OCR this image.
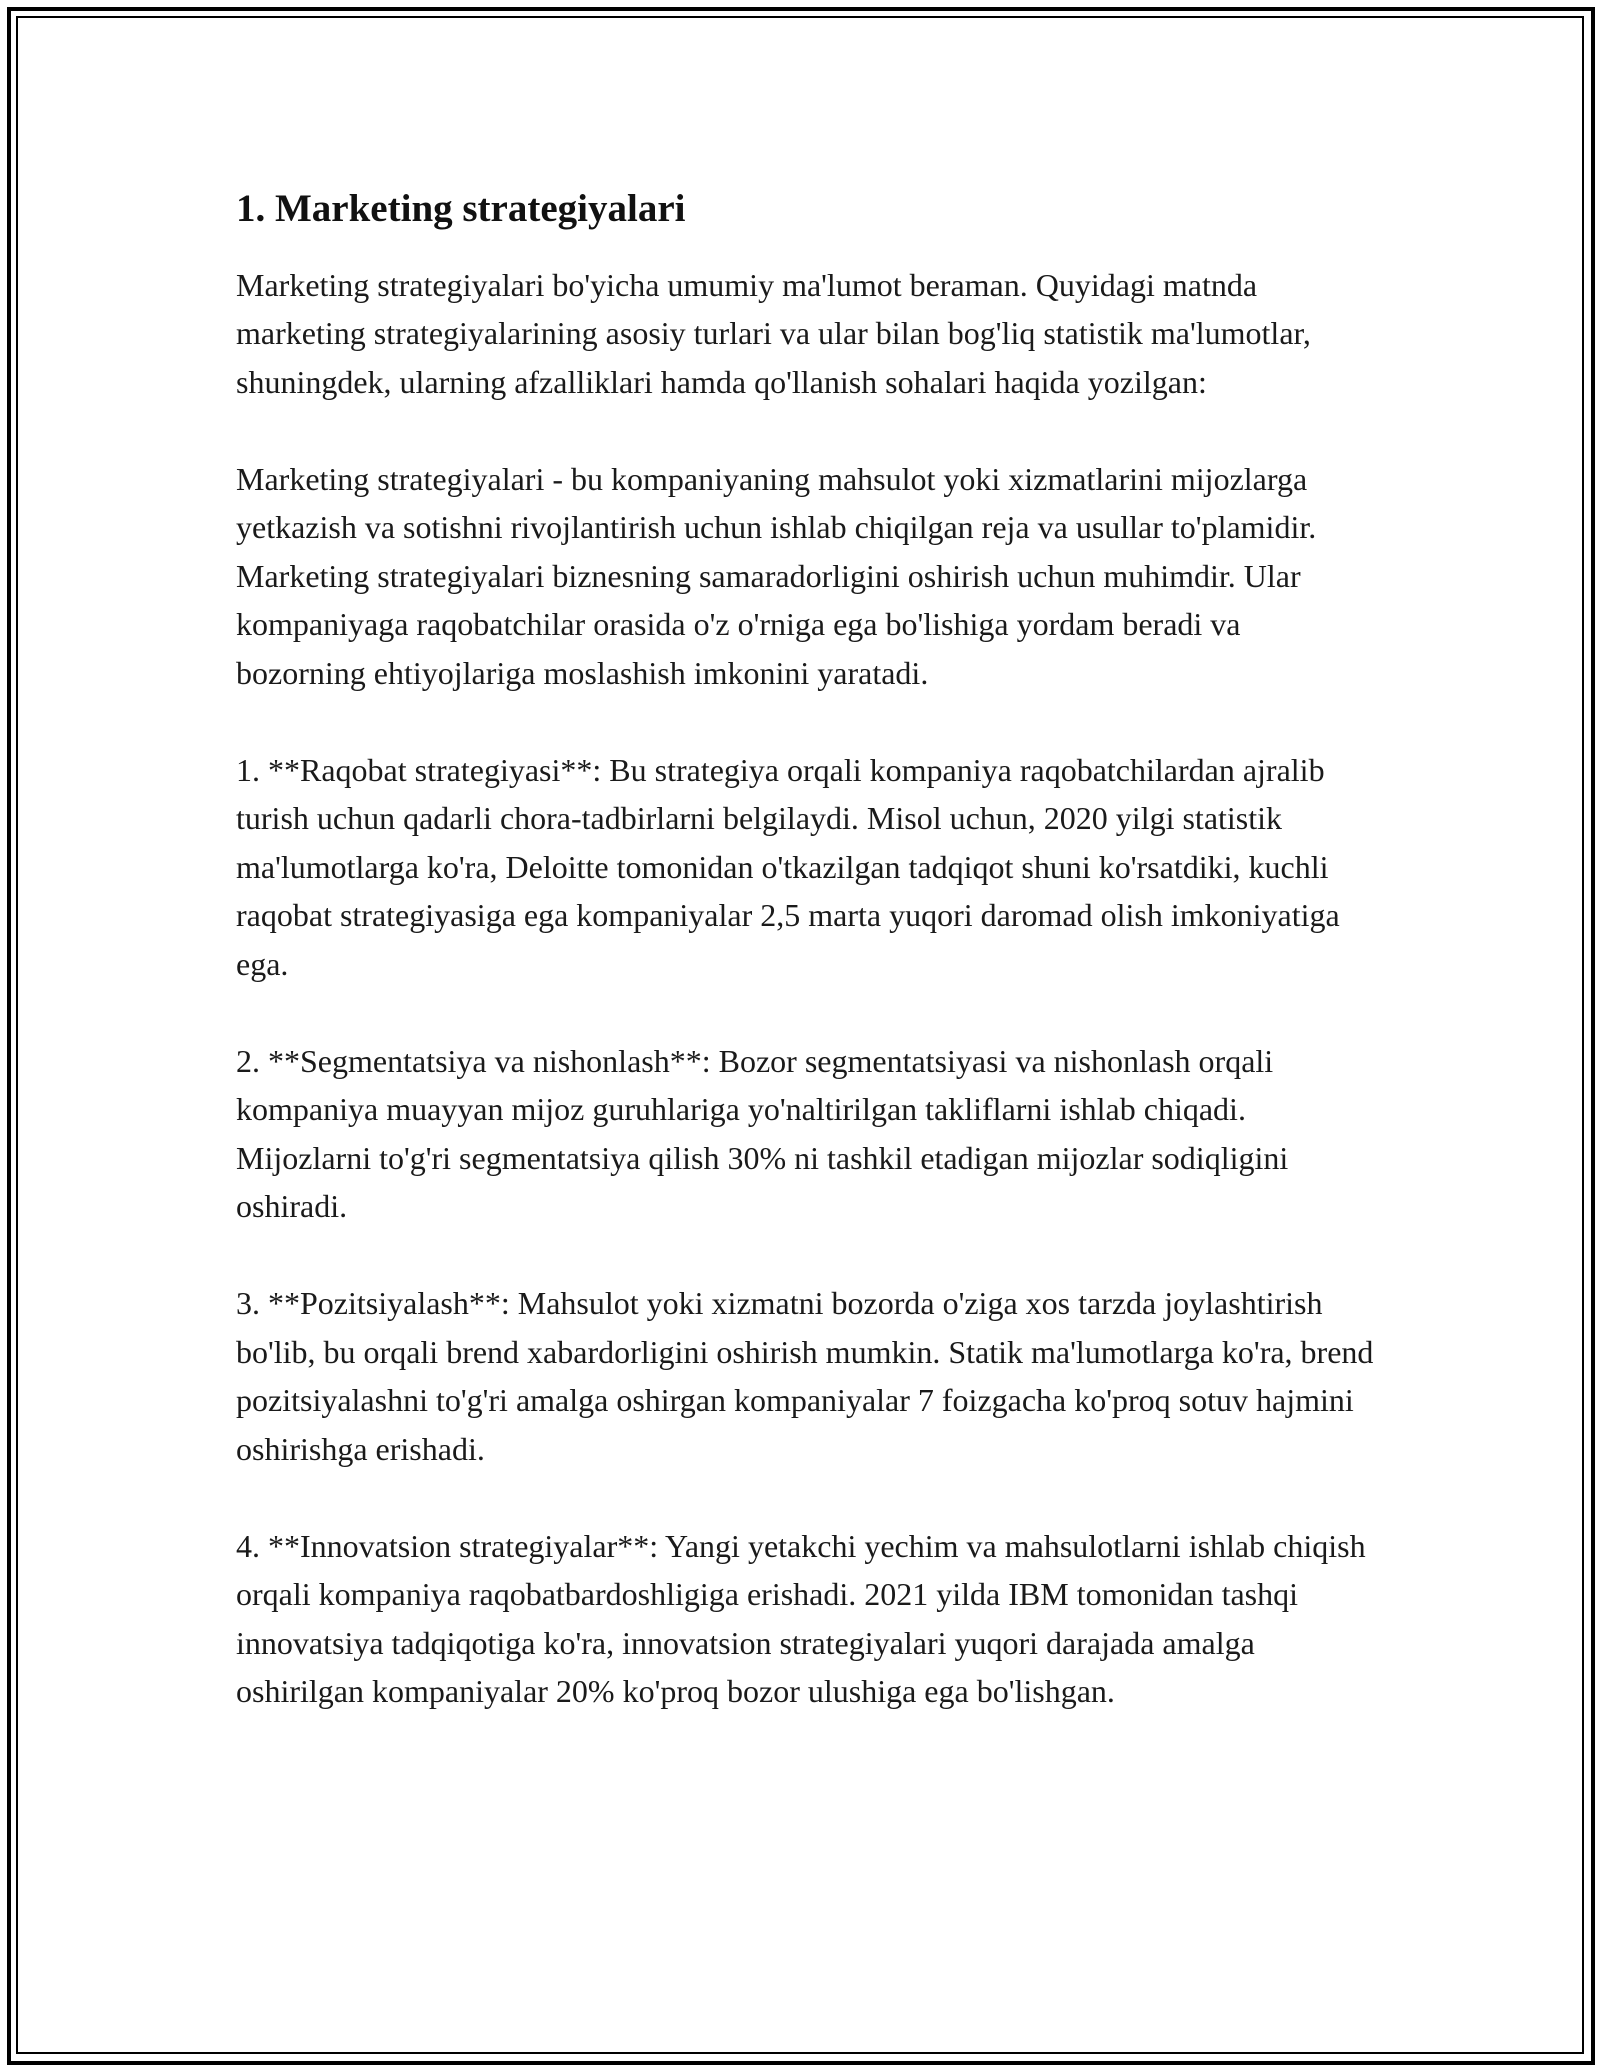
1. Marketing strategiyalari

Marketing strategiyalari bo'yicha umumiy ma'lumot beraman. Quyidagi matnda marketing strategiyalarining asosiy turlari va ular bilan bog'liq statistik ma'lumotlar, shuningdek, ularning afzalliklari hamda qo'llanish sohalari haqida yozilgan:

Marketing strategiyalari - bu kompaniyaning mahsulot yoki xizmatlarini mijozlarga yetkazish va sotishni rivojlantirish uchun ishlab chiqilgan reja va usullar to'plamidir. Marketing strategiyalari biznesning samaradorligini oshirish uchun muhimdir. Ular kompaniyaga raqobatchilar orasida o'z o'rniga ega bo'lishiga yordam beradi va bozorning ehtiyojlariga moslashish imkonini yaratadi.

1. **Raqobat strategiyasi**: Bu strategiya orqali kompaniya raqobatchilardan ajralib turish uchun qadarli chora-tadbirlarni belgilaydi. Misol uchun, 2020 yilgi statistik ma'lumotlarga ko'ra, Deloitte tomonidan o'tkazilgan tadqiqot shuni ko'rsatdiki, kuchli raqobat strategiyasiga ega kompaniyalar 2,5 marta yuqori daromad olish imkoniyatiga ega.

2. **Segmentatsiya va nishonlash**: Bozor segmentatsiyasi va nishonlash orqali kompaniya muayyan mijoz guruhlariga yo'naltirilgan takliflarni ishlab chiqadi. Mijozlarni to'g'ri segmentatsiya qilish 30% ni tashkil etadigan mijozlar sodiqligini oshiradi.

3. **Pozitsiyalash**: Mahsulot yoki xizmatni bozorda o'ziga xos tarzda joylashtirish bo'lib, bu orqali brend xabardorligini oshirish mumkin. Statik ma'lumotlarga ko'ra, brend pozitsiyalashni to'g'ri amalga oshirgan kompaniyalar 7 foizgacha ko'proq sotuv hajmini oshirishga erishadi.

4. **Innovatsion strategiyalar**: Yangi yetakchi yechim va mahsulotlarni ishlab chiqish orqali kompaniya raqobatbardoshligiga erishadi. 2021 yilda IBM tomonidan tashqi innovatsiya tadqiqotiga ko'ra, innovatsion strategiyalari yuqori darajada amalga oshirilgan kompaniyalar 20% ko'proq bozor ulushiga ega bo'lishgan.
